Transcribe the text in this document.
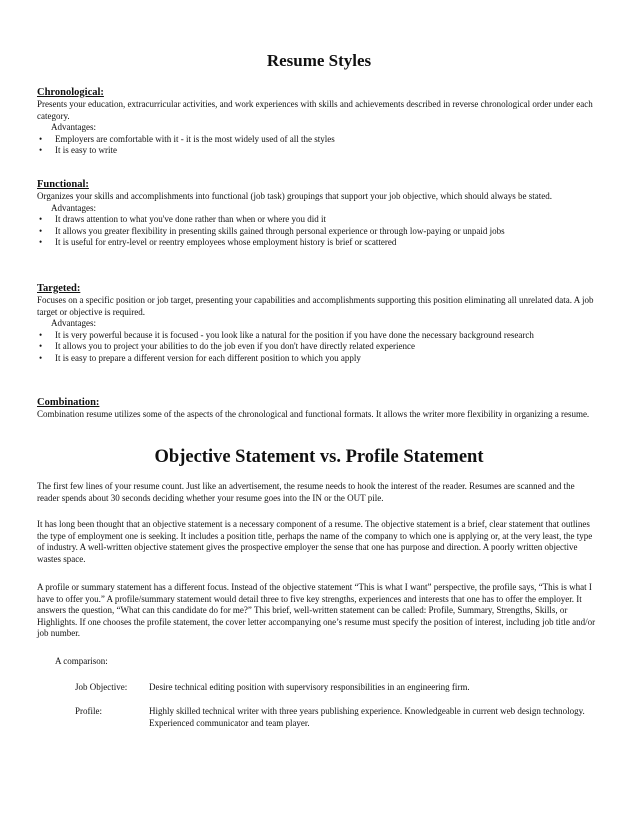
Resume Styles
Chronological:

Presents your education, extracurricular activities, and work experiences with skills and achievements described in reverse chronological order under each category.

Advantages:
• Employers are comfortable with it - it is the most widely used of all the styles
• It is easy to write
Functional:

Organizes your skills and accomplishments into functional (job task) groupings that support your job objective, which should always be stated.

Advantages:
• It draws attention to what you've done rather than when or where you did it
• It allows you greater flexibility in presenting skills gained through personal experience or through low-paying or unpaid jobs
• It is useful for entry-level or reentry employees whose employment history is brief or scattered
Targeted:

Focuses on a specific position or job target, presenting your capabilities and accomplishments supporting this position eliminating all unrelated data. A job target or objective is required.

Advantages:
• It is very powerful because it is focused - you look like a natural for the position if you have done the necessary background research
• It allows you to project your abilities to do the job even if you don't have directly related experience
• It is easy to prepare a different version for each different position to which you apply
Combination:

Combination resume utilizes some of the aspects of the chronological and functional formats. It allows the writer more flexibility in organizing a resume.

Objective Statement vs. Profile Statement

The first few lines of your resume count. Just like an advertisement, the resume needs to hook the interest of the reader. Resumes are scanned and the reader spends about 30 seconds deciding whether your resume goes into the IN or the OUT pile.

It has long been thought that an objective statement is a necessary component of a resume. The objective statement is a brief, clear statement that outlines the type of employment one is seeking. It includes a position title, perhaps the name of the company to which one is applying or, at the very least, the type of industry. A well-written objective statement gives the prospective employer the sense that one has purpose and direction. A poorly written objective wastes space.

A profile or summary statement has a different focus. Instead of the objective statement “This is what I want” perspective, the profile says, “This is what I have to offer you.” A profile/summary statement would detail three to five key strengths, experiences and interests that one has to offer the employer. It answers the question, “What can this candidate do for me?” This brief, well-written statement can be called: Profile, Summary, Strengths, Skills, or Highlights. If one chooses the profile statement, the cover letter accompanying one’s resume must specify the position of interest, including job title and/or job number.

A comparison:
Job Objective:	Desire technical editing position with supervisory responsibilities in an engineering firm.
Profile:	Highly skilled technical writer with three years publishing experience. Knowledgeable in current web design technology. Experienced communicator and team player.
